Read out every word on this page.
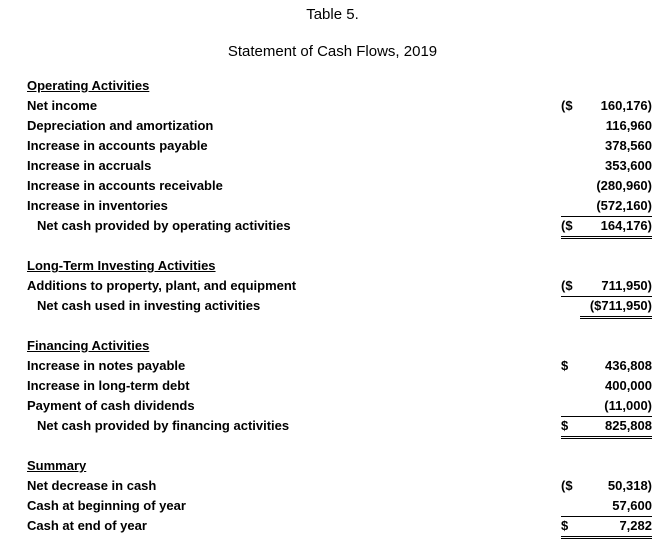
Table 5.
Statement of Cash Flows, 2019
Operating Activities
Net income	($ 160,176)
Depreciation and amortization	116,960
Increase in accounts payable	378,560
Increase in accruals	353,600
Increase in accounts receivable	(280,960)
Increase in inventories	(572,160)
Net cash provided by operating activities	($ 164,176)
Long-Term Investing Activities
Additions to property, plant, and equipment	($ 711,950)
Net cash used in investing activities	($711,950)
Financing Activities
Increase in notes payable	$	436,808
Increase in long-term debt	400,000
Payment of cash dividends	(11,000)
Net cash provided by financing activities	$	825,808
Summary
Net decrease in cash	($	50,318)
Cash at beginning of year	57,600
Cash at end of year	$	7,282
